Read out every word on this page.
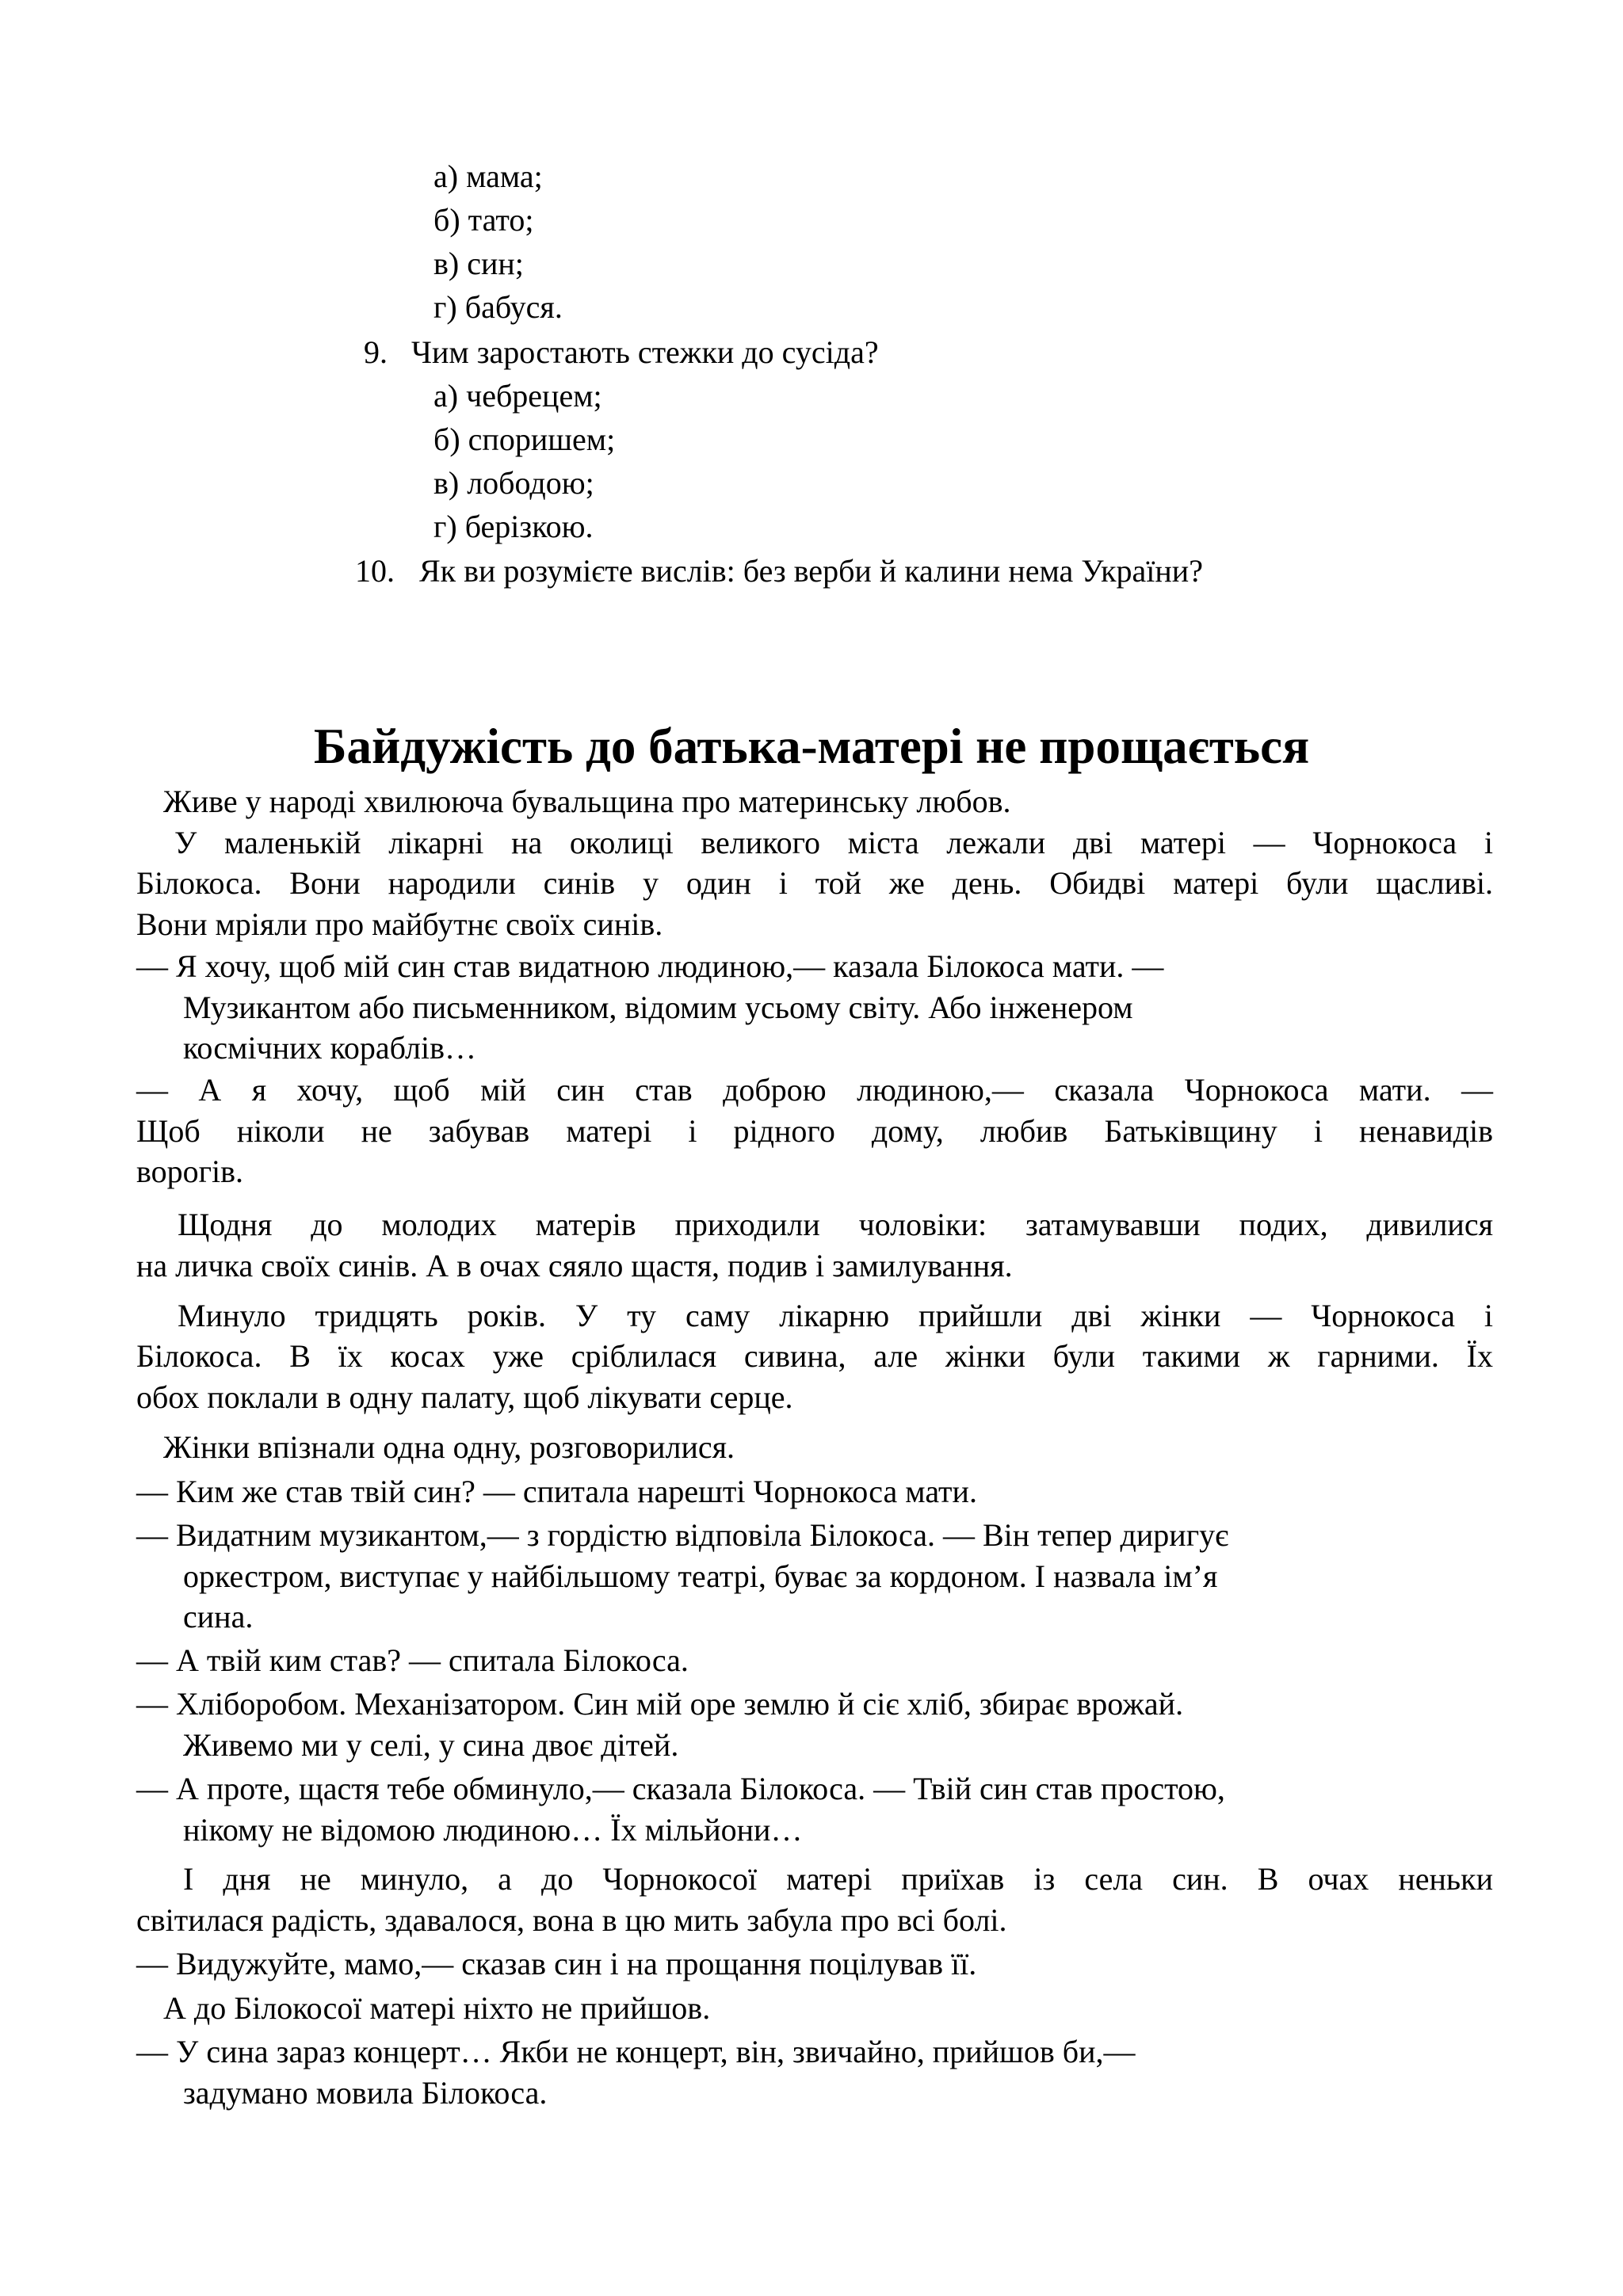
а) мама;
б) тато;
в) син;
г) бабуся.
9. Чим заростають стежки до сусіда?
а) чебрецем;
б) споришем;
в) лободою;
г) берізкою.
10. Як ви розумієте вислів: без верби й калини нема України?
Байдужість до батька-матері не прощається
Живе у народі хвилююча бувальщина про материнську любов.
У маленькій лікарні на околиці великого міста лежали дві матері — Чорнокоса і
Білокоса. Вони народили синів у один і той же день. Обидві матері були щасливі.
Вони мріяли про майбутнє своїх синів.
— Я хочу, щоб мій син став видатною людиною,— казала Білокоса мати. —
Музикантом або письменником, відомим усьому світу. Або інженером
космічних кораблів…
— А я хочу, щоб мій син став доброю людиною,— сказала Чорнокоса мати. —
Щоб ніколи не забував матері і рідного дому, любив Батьківщину і ненавидів
ворогів.
Щодня до молодих матерів приходили чоловіки: затамувавши подих, дивилися
на личка своїх синів. А в очах сяяло щастя, подив і замилування.
Минуло тридцять років. У ту саму лікарню прийшли дві жінки — Чорнокоса і
Білокоса. В їх косах уже сріблилася сивина, але жінки були такими ж гарними. Їх
обох поклали в одну палату, щоб лікувати серце.
Жінки впізнали одна одну, розговорилися.
— Ким же став твій син? — спитала нарешті Чорнокоса мати.
— Видатним музикантом,— з гордістю відповіла Білокоса. — Він тепер диригує
оркестром, виступає у найбільшому театрі, буває за кордоном. І назвала ім’я
сина.
— А твій ким став? — спитала Білокоса.
— Хліборобом. Механізатором. Син мій оре землю й сіє хліб, збирає врожай.
Живемо ми у селі, у сина двоє дітей.
— А проте, щастя тебе обминуло,— сказала Білокоса. — Твій син став простою,
нікому не відомою людиною… Їх мільйони…
І дня не минуло, а до Чорнокосої матері приїхав із села син. В очах неньки
світилася радість, здавалося, вона в цю мить забула про всі болі.
— Видужуйте, мамо,— сказав син і на прощання поцілував її.
А до Білокосої матері ніхто не прийшов.
— У сина зараз концерт… Якби не концерт, він, звичайно, прийшов би,—
задумано мовила Білокоса.
